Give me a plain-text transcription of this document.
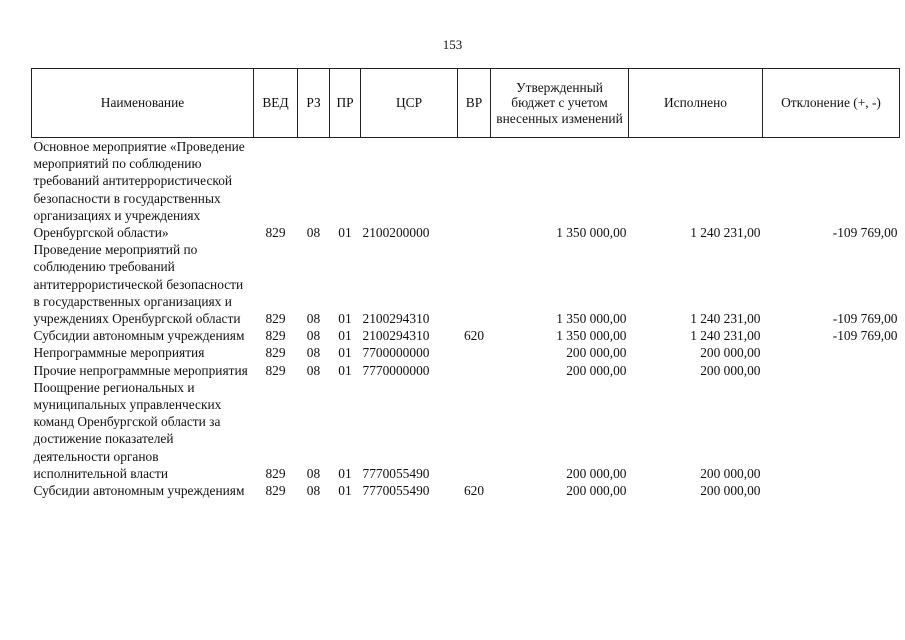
153
Наименование	ВЕД	РЗ	ПР	ЦСР	ВР	Утвержденный бюджет с учетом внесенных изменений	Исполнено	Отклонение (+, -)
Основное мероприятие «Проведение мероприятий по соблюдению требований антитеррористической безопасности в государственных организациях и учреждениях Оренбургской области»	829	08	01	2100200000		1 350 000,00	1 240 231,00	-109 769,00
Проведение мероприятий по соблюдению требований антитеррористической безопасности в государственных организациях и учреждениях Оренбургской области	829	08	01	2100294310		1 350 000,00	1 240 231,00	-109 769,00
Субсидии автономным учреждениям	829	08	01	2100294310	620	1 350 000,00	1 240 231,00	-109 769,00
Непрограммные мероприятия	829	08	01	7700000000		200 000,00	200 000,00	
Прочие непрограммные мероприятия	829	08	01	7770000000		200 000,00	200 000,00	
Поощрение региональных и муниципальных управленческих команд Оренбургской области за достижение показателей деятельности органов исполнительной власти	829	08	01	7770055490		200 000,00	200 000,00	
Субсидии автономным учреждениям	829	08	01	7770055490	620	200 000,00	200 000,00	
